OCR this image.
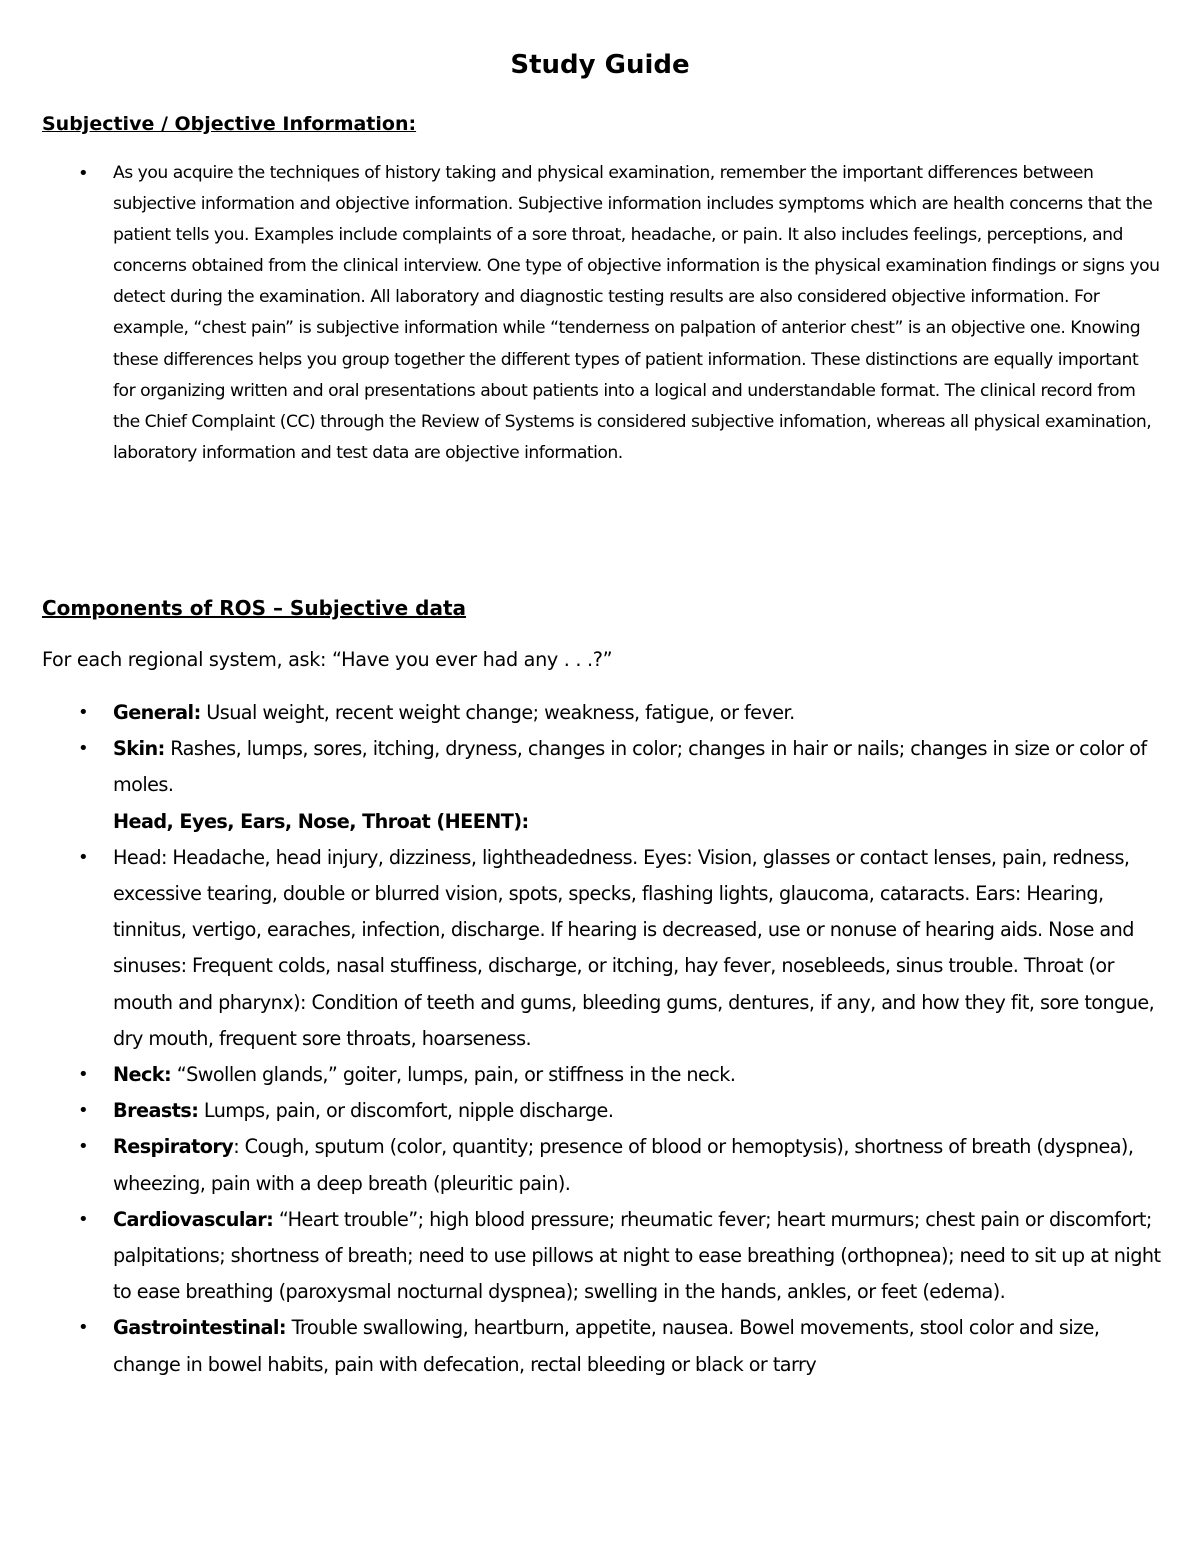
Study Guide
Subjective / Objective Information:
• As you acquire the techniques of history taking and physical examination, remember the important differences between subjective information and objective information. Subjective information includes symptoms which are health concerns that the patient tells you. Examples include complaints of a sore throat, headache, or pain. It also includes feelings, perceptions, and concerns obtained from the clinical interview. One type of objective information is the physical examination findings or signs you detect during the examination. All laboratory and diagnostic testing results are also considered objective information. For example, “chest pain” is subjective information while “tenderness on palpation of anterior chest” is an objective one. Knowing these differences helps you group together the different types of patient information. These distinctions are equally important for organizing written and oral presentations about patients into a logical and understandable format. The clinical record from the Chief Complaint (CC) through the Review of Systems is considered subjective infomation, whereas all physical examination, laboratory information and test data are objective information.
Components of ROS – Subjective data
For each regional system, ask: “Have you ever had any . . .?”
• General: Usual weight, recent weight change; weakness, fatigue, or fever.
• Skin: Rashes, lumps, sores, itching, dryness, changes in color; changes in hair or nails; changes in size or color of moles.
Head, Eyes, Ears, Nose, Throat (HEENT):
• Head: Headache, head injury, dizziness, lightheadedness. Eyes: Vision, glasses or contact lenses, pain, redness, excessive tearing, double or blurred vision, spots, specks, flashing lights, glaucoma, cataracts. Ears: Hearing, tinnitus, vertigo, earaches, infection, discharge. If hearing is decreased, use or nonuse of hearing aids. Nose and sinuses: Frequent colds, nasal stuffiness, discharge, or itching, hay fever, nosebleeds, sinus trouble. Throat (or mouth and pharynx): Condition of teeth and gums, bleeding gums, dentures, if any, and how they fit, sore tongue, dry mouth, frequent sore throats, hoarseness.
• Neck: “Swollen glands,” goiter, lumps, pain, or stiffness in the neck.
• Breasts: Lumps, pain, or discomfort, nipple discharge.
• Respiratory: Cough, sputum (color, quantity; presence of blood or hemoptysis), shortness of breath (dyspnea), wheezing, pain with a deep breath (pleuritic pain).
• Cardiovascular: “Heart trouble”; high blood pressure; rheumatic fever; heart murmurs; chest pain or discomfort; palpitations; shortness of breath; need to use pillows at night to ease breathing (orthopnea); need to sit up at night to ease breathing (paroxysmal nocturnal dyspnea); swelling in the hands, ankles, or feet (edema).
• Gastrointestinal: Trouble swallowing, heartburn, appetite, nausea. Bowel movements, stool color and size, change in bowel habits, pain with defecation, rectal bleeding or black or tarry
